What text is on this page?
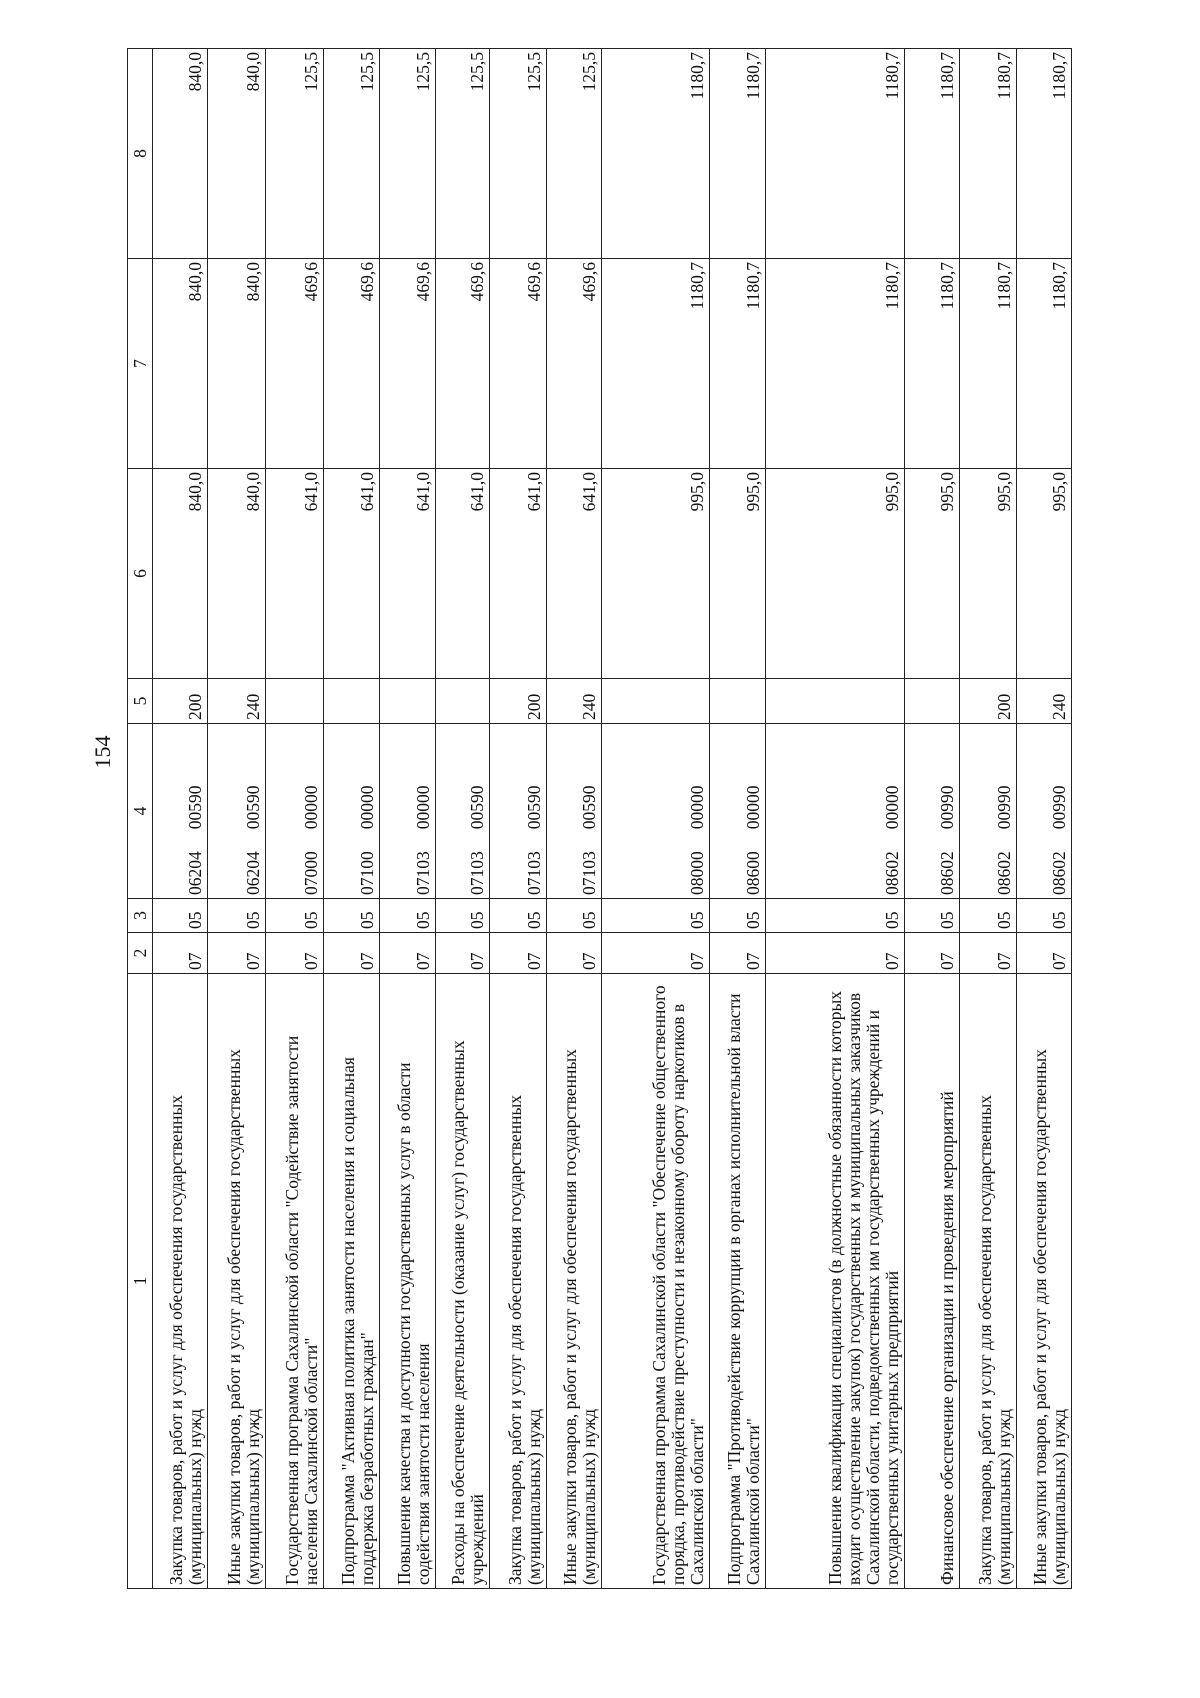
154
1	2	3	4	5	6	7	8
Закупка товаров, работ и услуг для обеспечения государственных (муниципальных) нужд	07	05	0620400590	200	840,0	840,0	840,0
Иные закупки товаров, работ и услуг для обеспечения государственных (муниципальных) нужд	07	05	0620400590	240	840,0	840,0	840,0
Государственная программа Сахалинской области "Содействие занятости населения Сахалинской области"	07	05	0700000000		641,0	469,6	125,5
Подпрограмма "Активная политика занятости населения и социальная поддержка безработных граждан"	07	05	0710000000		641,0	469,6	125,5
Повышение качества и доступности государственных услуг в области содействия занятости населения	07	05	0710300000		641,0	469,6	125,5
Расходы на обеспечение деятельности (оказание услуг) государственных учреждений	07	05	0710300590		641,0	469,6	125,5
Закупка товаров, работ и услуг для обеспечения государственных (муниципальных) нужд	07	05	0710300590	200	641,0	469,6	125,5
Иные закупки товаров, работ и услуг для обеспечения государственных (муниципальных) нужд	07	05	0710300590	240	641,0	469,6	125,5
Государственная программа Сахалинской области "Обеспечение общественного порядка, противодействие преступности и незаконному обороту наркотиков в Сахалинской области"	07	05	0800000000		995,0	1180,7	1180,7
Подпрограмма "Противодействие коррупции в органах исполнительной власти Сахалинской области"	07	05	0860000000		995,0	1180,7	1180,7
Повышение квалификации специалистов (в должностные обязанности которых входит осуществление закупок) государственных и муниципальных заказчиков Сахалинской области, подведомственных им государственных учреждений и государственных унитарных предприятий	07	05	0860200000		995,0	1180,7	1180,7
Финансовое обеспечение организации и проведения мероприятий	07	05	0860200990		995,0	1180,7	1180,7
Закупка товаров, работ и услуг для обеспечения государственных (муниципальных) нужд	07	05	0860200990	200	995,0	1180,7	1180,7
Иные закупки товаров, работ и услуг для обеспечения государственных (муниципальных) нужд	07	05	0860200990	240	995,0	1180,7	1180,7
